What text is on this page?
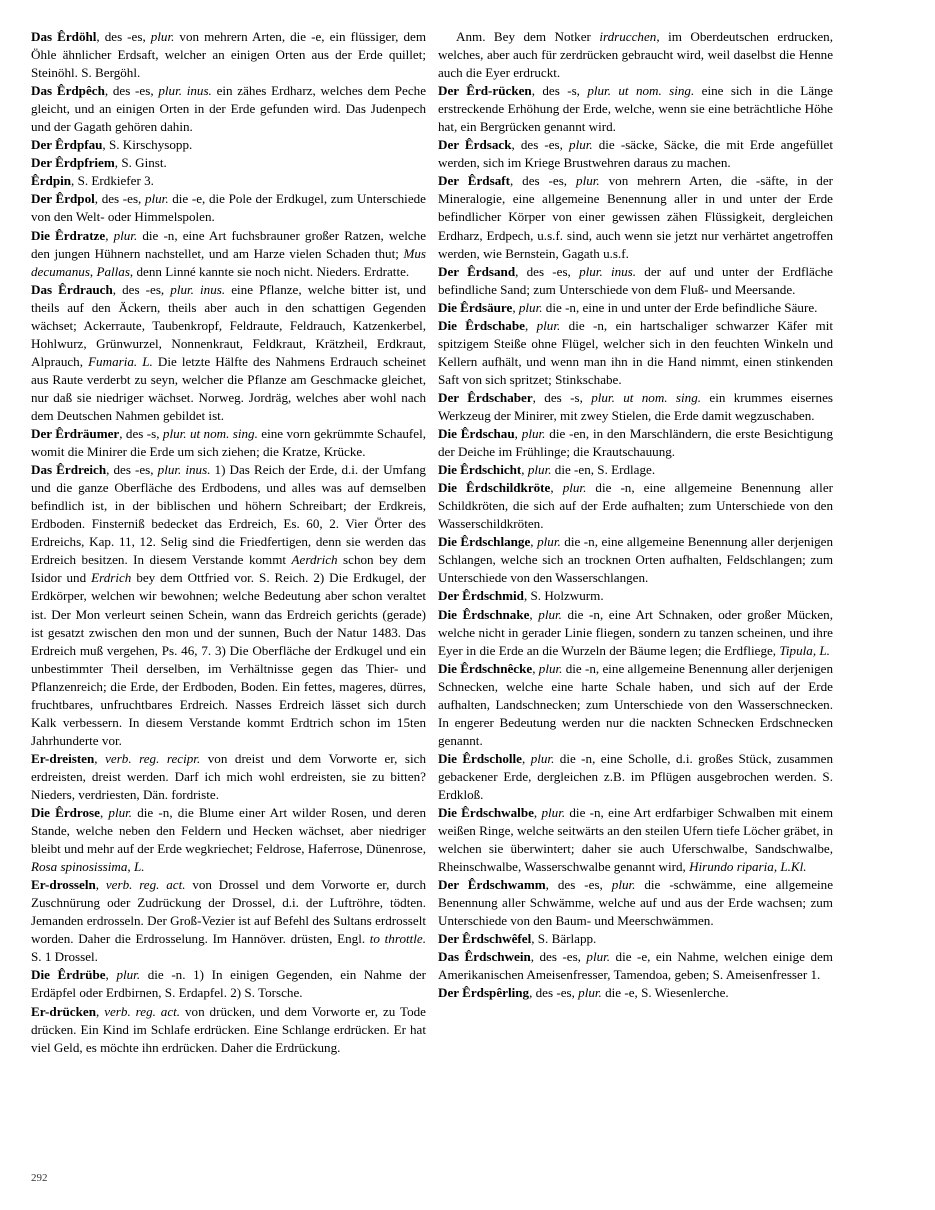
Das Êrdöhl, des -es, plur. von mehrern Arten, die -e, ein flüssiger, dem Öhle ähnlicher Erdsaft, welcher an einigen Orten aus der Erde quillet; Steinöhl. S. Bergöhl.

Das Êrdpêch, des -es, plur. inus. ein zähes Erdharz, welches dem Peche gleicht, und an einigen Orten in der Erde gefunden wird. Das Judenpech und der Gagath gehören dahin.

Der Êrdpfau, S. Kirschysopp.

Der Êrdpfriem, S. Ginst.

Êrdpin, S. Erdkiefer 3.

Der Êrdpol, des -es, plur. die -e, die Pole der Erdkugel, zum Unterschiede von den Welt- oder Himmelspolen.

Die Êrdratze, plur. die -n, eine Art fuchsbrauner großer Ratzen, welche den jungen Hühnern nachstellet, und am Harze vielen Schaden thut; Mus decumanus, Pallas, denn Linné kannte sie noch nicht. Nieders. Erdratte.

Das Êrdrauch, des -es, plur. inus. eine Pflanze, welche bitter ist, und theils auf den Äckern, theils aber auch in den schattigen Gegenden wächset; Ackerraute, Taubenkropf, Feldraute, Feldrauch, Katzenkerbel, Hohlwurz, Grünwurzel, Nonnenkraut, Feldkraut, Krätzheil, Erdkraut, Alprauch, Fumaria. L. Die letzte Hälfte des Nahmens Erdrauch scheinet aus Raute verderbt zu seyn, welcher die Pflanze am Geschmacke gleichet, nur daß sie niedriger wächset. Norweg. Jordräg, welches aber wohl nach dem Deutschen Nahmen gebildet ist.

Der Êrdräumer, des -s, plur. ut nom. sing. eine vorn gekrümmte Schaufel, womit die Minirer die Erde um sich ziehen; die Kratze, Krücke.

Das Êrdreich, des -es, plur. inus. 1) Das Reich der Erde, d.i. der Umfang und die ganze Oberfläche des Erdbodens, und alles was auf demselben befindlich ist, in der biblischen und höhern Schreibart; der Erdkreis, Erdboden. Finsterniß bedecket das Erdreich, Es. 60, 2. Vier Örter des Erdreichs, Kap. 11, 12. Selig sind die Friedfertigen, denn sie werden das Erdreich besitzen. In diesem Verstande kommt Aerdrich schon bey dem Isidor und Erdrich bey dem Ottfried vor. S. Reich. 2) Die Erdkugel, der Erdkörper, welchen wir bewohnen; welche Bedeutung aber schon veraltet ist. Der Mon verleurt seinen Schein, wann das Erdreich gerichts (gerade) ist gesatzt zwischen den mon und der sunnen, Buch der Natur 1483. Das Erdreich muß vergehen, Ps. 46, 7. 3) Die Oberfläche der Erdkugel und ein unbestimmter Theil derselben, im Verhältnisse gegen das Thier- und Pflanzenreich; die Erde, der Erdboden, Boden. Ein fettes, mageres, dürres, fruchtbares, unfruchtbares Erdreich. Nasses Erdreich lässet sich durch Kalk verbessern. In diesem Verstande kommt Erdtrich schon im 15ten Jahrhunderte vor.

Er-dreisten, verb. reg. recipr. von dreist und dem Vorworte er, sich erdreisten, dreist werden. Darf ich mich wohl erdreisten, sie zu bitten? Nieders, verdriesten, Dän. fordriste.

Die Êrdrose, plur. die -n, die Blume einer Art wilder Rosen, und deren Stande, welche neben den Feldern und Hecken wächset, aber niedriger bleibt und mehr auf der Erde wegkriechet; Feldrose, Haferrose, Dünenrose, Rosa spinosissima, L.

Er-drosseln, verb. reg. act. von Drossel und dem Vorworte er, durch Zuschnürung oder Zudrückung der Drossel, d.i. der Luftröhre, tödten. Jemanden erdrosseln. Der Groß-Vezier ist auf Befehl des Sultans erdrosselt worden. Daher die Erdrosselung. Im Hannöver. drüsten, Engl. to throttle. S. 1 Drossel.

Die Êrdrübe, plur. die -n. 1) In einigen Gegenden, ein Nahme der Erdäpfel oder Erdbirnen, S. Erdapfel. 2) S. Torsche.

Er-drücken, verb. reg. act. von drücken, und dem Vorworte er, zu Tode drücken. Ein Kind im Schlafe erdrücken. Eine Schlange erdrücken. Er hat viel Geld, es möchte ihn erdrücken. Daher die Erdrückung.

Anm. Bey dem Notker irdrucchen, im Oberdeutschen erdrucken, welches, aber auch für zerdrücken gebraucht wird, weil daselbst die Henne auch die Eyer erdruckt.

Der Êrd-rücken, des -s, plur. ut nom. sing. eine sich in die Länge erstreckende Erhöhung der Erde, welche, wenn sie eine beträchtliche Höhe hat, ein Bergrücken genannt wird.

Der Êrdsack, des -es, plur. die -säcke, Säcke, die mit Erde angefüllet werden, sich im Kriege Brustwehren daraus zu machen.

Der Êrdsaft, des -es, plur. von mehrern Arten, die -säfte, in der Mineralogie, eine allgemeine Benennung aller in und unter der Erde befindlicher Körper von einer gewissen zähen Flüssigkeit, dergleichen Erdharz, Erdpech, u.s.f. sind, auch wenn sie jetzt nur verhärtet angetroffen werden, wie Bernstein, Gagath u.s.f.

Der Êrdsand, des -es, plur. inus. der auf und unter der Erdfläche befindliche Sand; zum Unterschiede von dem Fluß- und Meersande.

Die Êrdsäure, plur. die -n, eine in und unter der Erde befindliche Säure.

Die Êrdschabe, plur. die -n, ein hartschaliger schwarzer Käfer mit spitzigem Steiße ohne Flügel, welcher sich in den feuchten Winkeln und Kellern aufhält, und wenn man ihn in die Hand nimmt, einen stinkenden Saft von sich spritzet; Stinkschabe.

Der Êrdschaber, des -s, plur. ut nom. sing. ein krummes eisernes Werkzeug der Minirer, mit zwey Stielen, die Erde damit wegzuschaben.

Die Êrdschau, plur. die -en, in den Marschländern, die erste Besichtigung der Deiche im Frühlinge; die Krautschauung.

Die Êrdschicht, plur. die -en, S. Erdlage.

Die Êrdschildkröte, plur. die -n, eine allgemeine Benennung aller Schildkröten, die sich auf der Erde aufhalten; zum Unterschiede von den Wasserschildkröten.

Die Êrdschlange, plur. die -n, eine allgemeine Benennung aller derjenigen Schlangen, welche sich an trocknen Orten aufhalten, Feldschlangen; zum Unterschiede von den Wasserschlangen.

Der Êrdschmid, S. Holzwurm.

Die Êrdschnake, plur. die -n, eine Art Schnaken, oder großer Mücken, welche nicht in gerader Linie fliegen, sondern zu tanzen scheinen, und ihre Eyer in die Erde an die Wurzeln der Bäume legen; die Erdfliege, Tipula, L.

Die Êrdschnêcke, plur. die -n, eine allgemeine Benennung aller derjenigen Schnecken, welche eine harte Schale haben, und sich auf der Erde aufhalten, Landschnecken; zum Unterschiede von den Wasserschnecken. In engerer Bedeutung werden nur die nackten Schnecken Erdschnecken genannt.

Die Êrdscholle, plur. die -n, eine Scholle, d.i. großes Stück, zusammen gebackener Erde, dergleichen z.B. im Pflügen ausgebrochen werden. S. Erdkloß.

Die Êrdschwalbe, plur. die -n, eine Art erdfarbiger Schwalben mit einem weißen Ringe, welche seitwärts an den steilen Ufern tiefe Löcher gräbet, in welchen sie überwintert; daher sie auch Uferschwalbe, Sandschwalbe, Rheinschwalbe, Wasserschwalbe genannt wird, Hirundo riparia, L.Kl.

Der Êrdschwamm, des -es, plur. die -schwämme, eine allgemeine Benennung aller Schwämme, welche auf und aus der Erde wachsen; zum Unterschiede von den Baum- und Meerschwämmen.

Der Êrdschwêfel, S. Bärlapp.

Das Êrdschwein, des -es, plur. die -e, ein Nahme, welchen einige dem Amerikanischen Ameisenfresser, Tamendoa, geben; S. Ameisenfresser 1.

Der Êrdspêrling, des -es, plur. die -e, S. Wiesenlerche.

292
